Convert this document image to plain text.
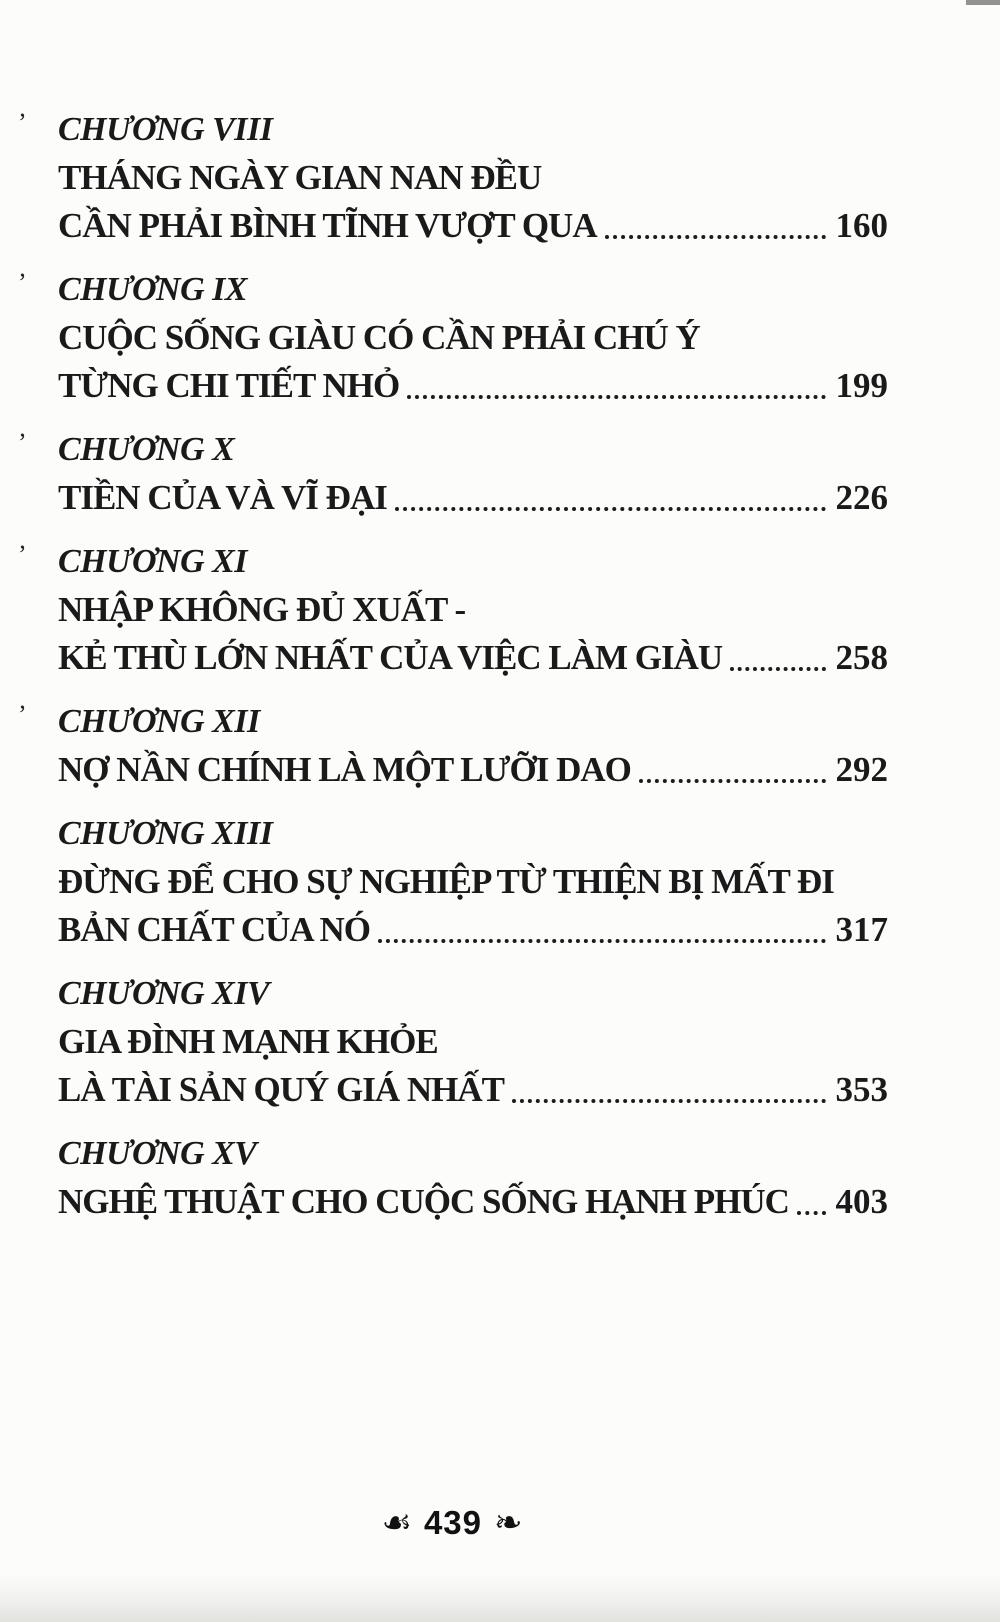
’ CHƯƠNG VIII

THÁNG NGÀY GIAN NAN ĐỀU

CẦN PHẢI BÌNH TĨNH VƯỢT QUA	160
’ CHƯƠNG IX

CUỘC SỐNG GIÀU CÓ CẦN PHẢI CHÚ Ý

TỪNG CHI TIẾT NHỎ	199
’ CHƯƠNG X
TIỀN CỦA VÀ VĨ ĐẠI	226
’ CHƯƠNG XI

NHẬP KHÔNG ĐỦ XUẤT -

KẺ THÙ LỚN NHẤT CỦA VIỆC LÀM GIÀU	258
’ CHƯƠNG XII
NỢ NẦN CHÍNH LÀ MỘT LƯỠI DAO	292
CHƯƠNG XIII

ĐỪNG ĐỂ CHO SỰ NGHIỆP TỪ THIỆN BỊ MẤT ĐI

BẢN CHẤT CỦA NÓ	317
CHƯƠNG XIV

GIA ĐÌNH MẠNH KHỎE

LÀ TÀI SẢN QUÝ GIÁ NHẤT	353
CHƯƠNG XV
NGHỆ THUẬT CHO CUỘC SỐNG HẠNH PHÚC 403
☙ 439 ❧
